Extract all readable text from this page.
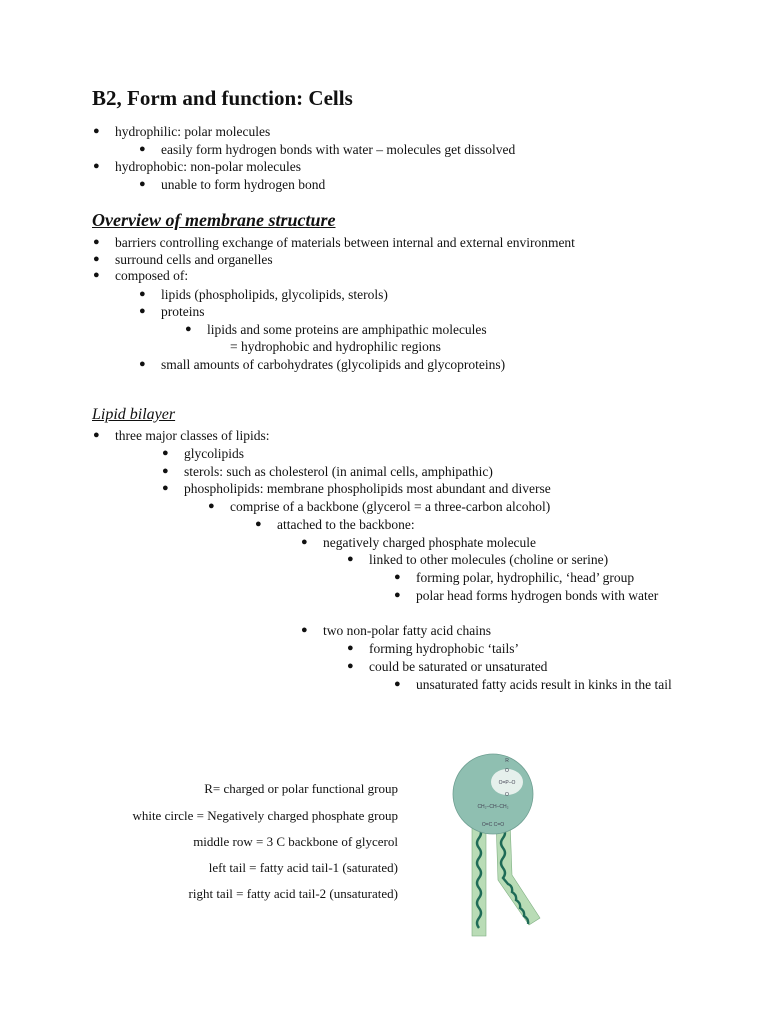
B2, Form and function: Cells
● hydrophilic: polar molecules
● easily form hydrogen bonds with water – molecules get dissolved
● hydrophobic: non-polar molecules
● unable to form hydrogen bond
Overview of membrane structure
● barriers controlling exchange of materials between internal and external environment
● surround cells and organelles
● composed of:
● lipids (phospholipids, glycolipids, sterols)
● proteins
● lipids and some proteins are amphipathic molecules
= hydrophobic and hydrophilic regions
● small amounts of carbohydrates (glycolipids and glycoproteins)
Lipid bilayer
● three major classes of lipids:
● glycolipids
● sterols: such as cholesterol (in animal cells, amphipathic)
● phospholipids: membrane phospholipids most abundant and diverse
● comprise of a backbone (glycerol = a three-carbon alcohol)
● attached to the backbone:
● negatively charged phosphate molecule
● linked to other molecules (choline or serine)
● forming polar, hydrophilic, ‘head’ group
● polar head forms hydrogen bonds with water
● two non-polar fatty acid chains
● forming hydrophobic ‘tails’
● could be saturated or unsaturated
● unsaturated fatty acids result in kinks in the tail
R= charged or polar functional group
white circle = Negatively charged phosphate group
middle row = 3 C backbone of glycerol
left tail = fatty acid tail-1 (saturated)
right tail = fatty acid tail-2 (unsaturated)
R
O
O=P–O
O
CH₂–CH–CH₂
O=C C=O
